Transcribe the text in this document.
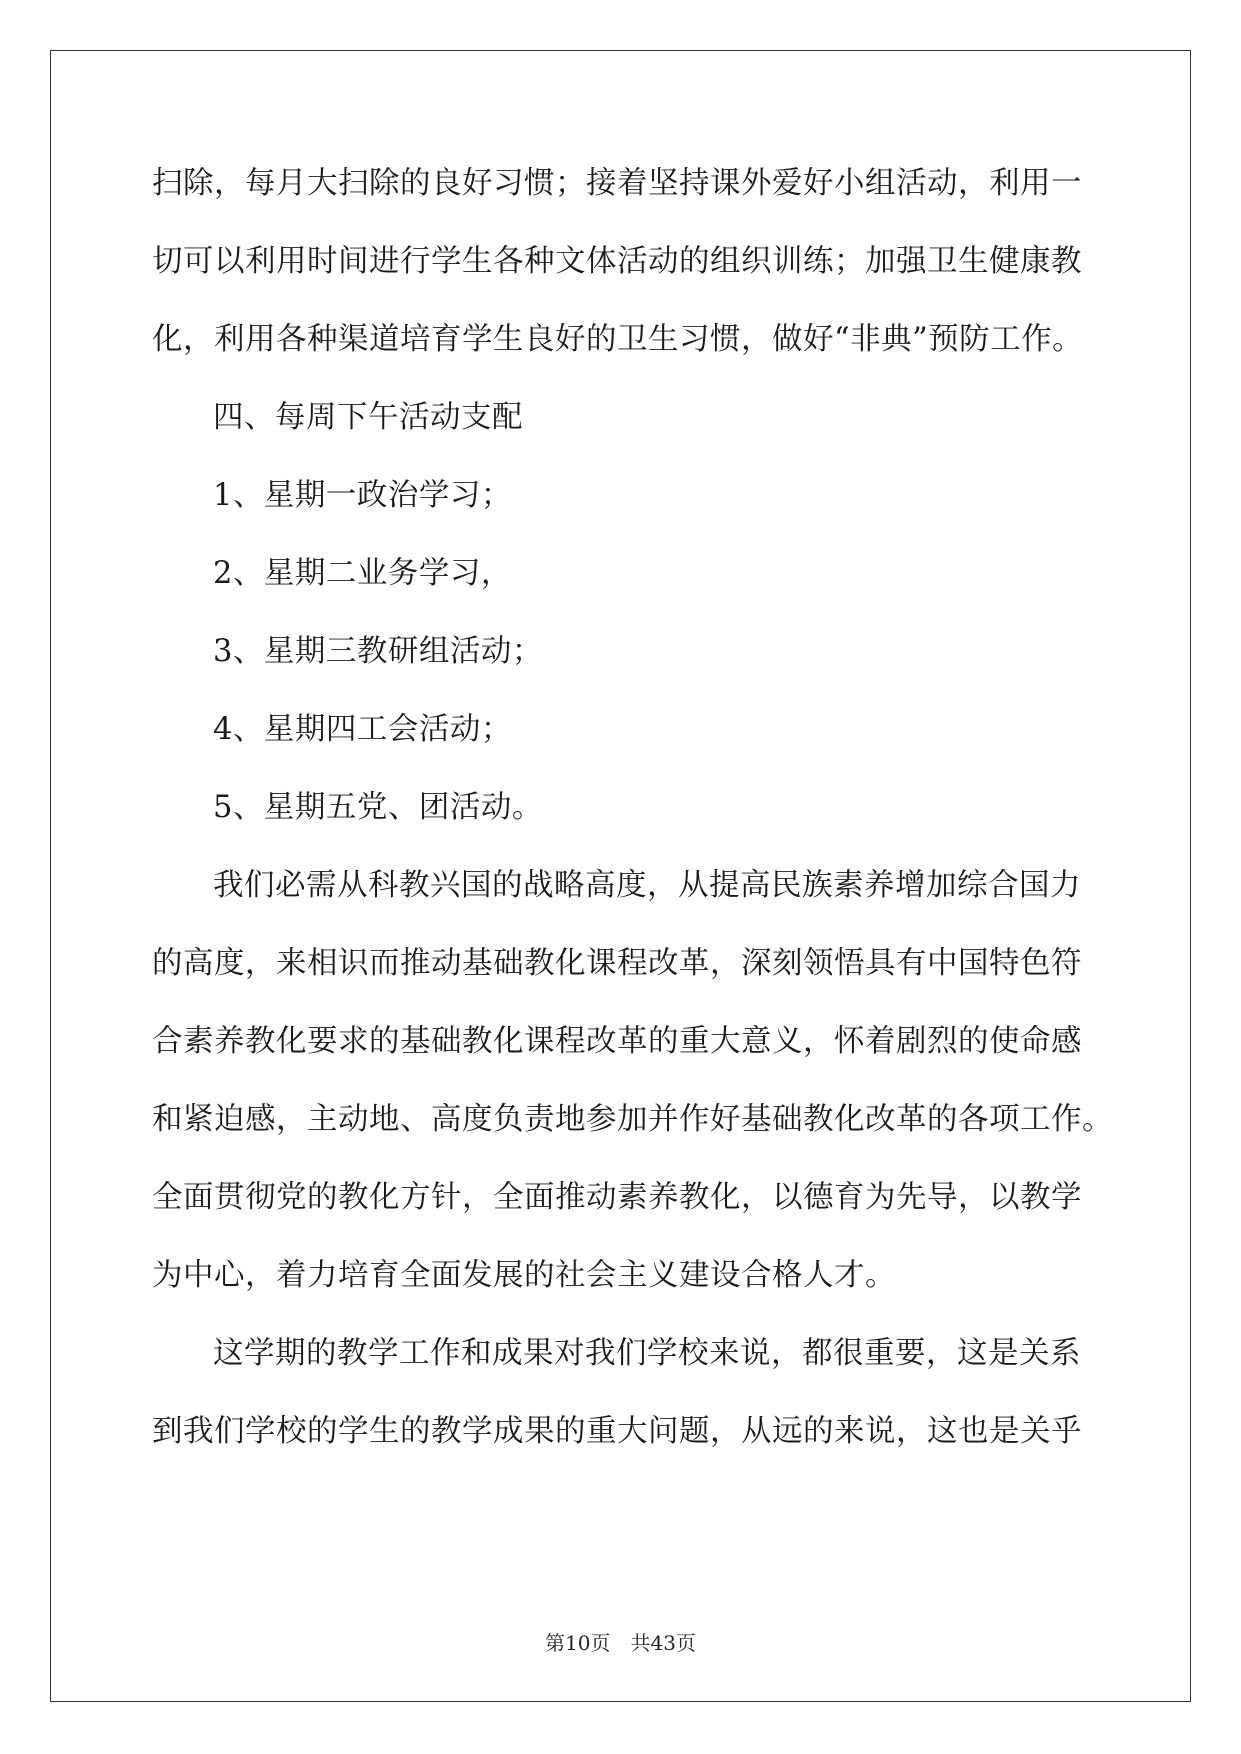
扫除，每月大扫除的良好习惯；接着坚持课外爱好小组活动，利用一
切可以利用时间进行学生各种文体活动的组织训练；加强卫生健康教
化，利用各种渠道培育学生良好的卫生习惯，做好“非典”预防工作。
四、每周下午活动支配
1、星期一政治学习；
2、星期二业务学习，
3、星期三教研组活动；
4、星期四工会活动；
5、星期五党、团活动。
我们必需从科教兴国的战略高度，从提高民族素养增加综合国力
的高度，来相识而推动基础教化课程改革，深刻领悟具有中国特色符
合素养教化要求的基础教化课程改革的重大意义，怀着剧烈的使命感
和紧迫感，主动地、高度负责地参加并作好基础教化改革的各项工作。
全面贯彻党的教化方针，全面推动素养教化，以德育为先导，以教学
为中心，着力培育全面发展的社会主义建设合格人才。
这学期的教学工作和成果对我们学校来说，都很重要，这是关系
到我们学校的学生的教学成果的重大问题，从远的来说，这也是关乎
第10页　共43页
